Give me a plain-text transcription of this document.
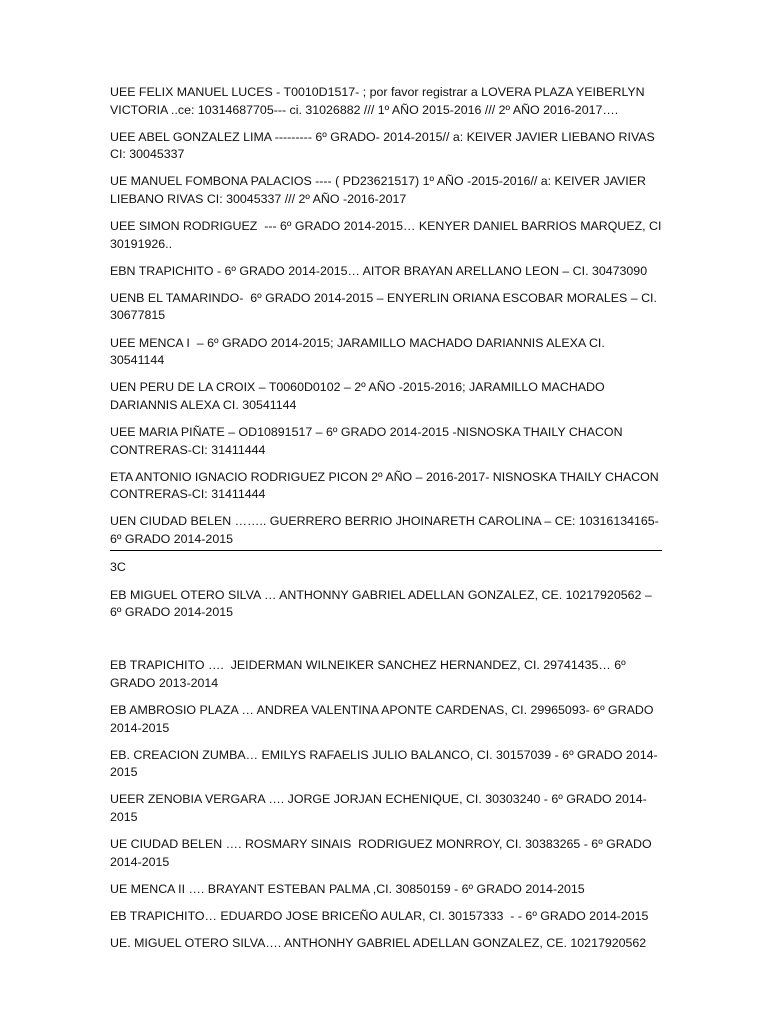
UEE FELIX MANUEL LUCES - T0010D1517- ; por favor registrar a LOVERA PLAZA YEIBERLYN VICTORIA ..ce: 10314687705--- ci. 31026882 /// 1º AÑO 2015-2016 /// 2º AÑO 2016-2017….

UEE ABEL GONZALEZ LIMA --------- 6º GRADO- 2014-2015// a: KEIVER JAVIER LIEBANO RIVAS CI: 30045337

UE MANUEL FOMBONA PALACIOS ---- ( PD23621517) 1º AÑO -2015-2016// a: KEIVER JAVIER LIEBANO RIVAS CI: 30045337 /// 2º AÑO -2016-2017

UEE SIMON RODRIGUEZ  --- 6º GRADO 2014-2015… KENYER DANIEL BARRIOS MARQUEZ, CI 30191926..

EBN TRAPICHITO - 6º GRADO 2014-2015… AITOR BRAYAN ARELLANO LEON – CI. 30473090

UENB EL TAMARINDO-  6º GRADO 2014-2015 – ENYERLIN ORIANA ESCOBAR MORALES – CI. 30677815

UEE MENCA I  – 6º GRADO 2014-2015; JARAMILLO MACHADO DARIANNIS ALEXA CI. 30541144

UEN PERU DE LA CROIX – T0060D0102 – 2º AÑO -2015-2016; JARAMILLO MACHADO DARIANNIS ALEXA CI. 30541144

UEE MARIA PIÑATE – OD10891517 – 6º GRADO 2014-2015 -NISNOSKA THAILY CHACON CONTRERAS-CI: 31411444

ETA ANTONIO IGNACIO RODRIGUEZ PICON 2º AÑO – 2016-2017- NISNOSKA THAILY CHACON CONTRERAS-CI: 31411444

UEN CIUDAD BELEN …….. GUERRERO BERRIO JHOINARETH CAROLINA – CE: 10316134165- 6º GRADO 2014-2015

3C

EB MIGUEL OTERO SILVA … ANTHONNY GABRIEL ADELLAN GONZALEZ, CE. 10217920562 – 6º GRADO 2014-2015

EB TRAPICHITO ….  JEIDERMAN WILNEIKER SANCHEZ HERNANDEZ, CI. 29741435… 6º GRADO 2013-2014

EB AMBROSIO PLAZA … ANDREA VALENTINA APONTE CARDENAS, CI. 29965093- 6º GRADO 2014-2015

EB. CREACION ZUMBA… EMILYS RAFAELIS JULIO BALANCO, CI. 30157039 - 6º GRADO 2014-2015

UEER ZENOBIA VERGARA …. JORGE JORJAN ECHENIQUE, CI. 30303240 - 6º GRADO 2014-2015

UE CIUDAD BELEN …. ROSMARY SINAIS  RODRIGUEZ MONRROY, CI. 30383265 - 6º GRADO 2014-2015

UE MENCA II …. BRAYANT ESTEBAN PALMA ,CI. 30850159 - 6º GRADO 2014-2015

EB TRAPICHITO… EDUARDO JOSE BRICEÑO AULAR, CI. 30157333  - - 6º GRADO 2014-2015

UE. MIGUEL OTERO SILVA…. ANTHONHY GABRIEL ADELLAN GONZALEZ, CE. 10217920562
